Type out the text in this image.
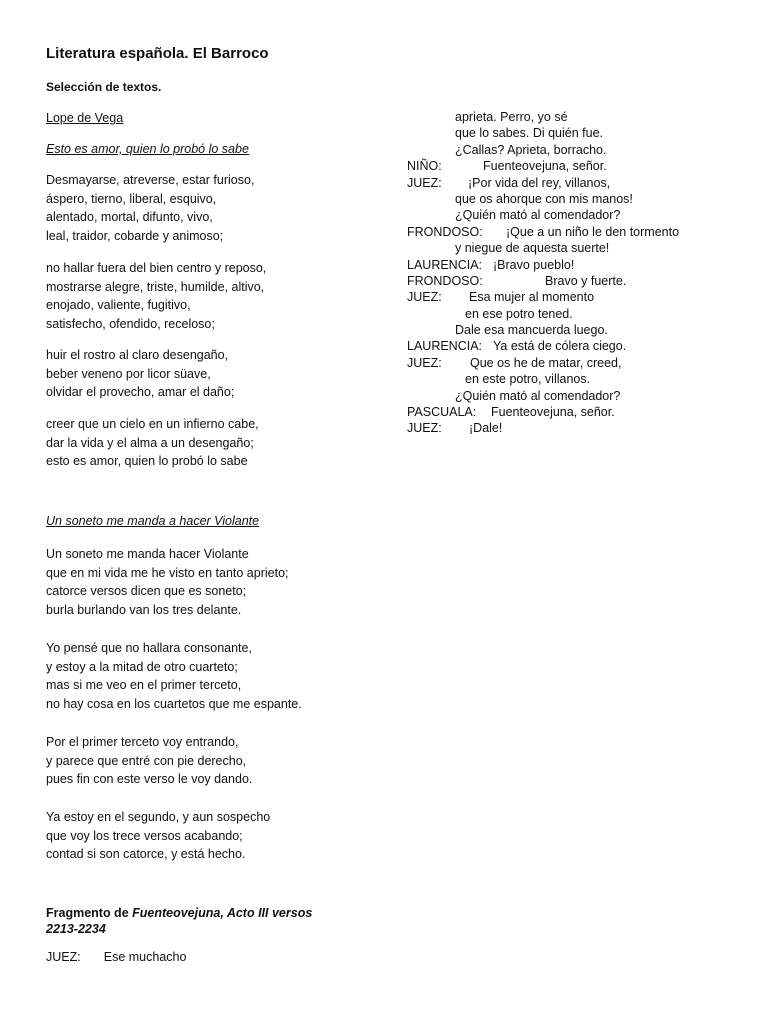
Literatura española. El Barroco
Selección de textos.
Lope de Vega
Esto es amor, quien lo probó lo sabe
Desmayarse, atreverse, estar furioso,
áspero, tierno, liberal, esquivo,
alentado, mortal, difunto, vivo,
leal, traidor, cobarde y animoso;
no hallar fuera del bien centro y reposo,
mostrarse alegre, triste, humilde, altivo,
enojado, valiente, fugitivo,
satisfecho, ofendido, receloso;
huir el rostro al claro desengaño,
beber veneno por licor süave,
olvidar el provecho, amar el daño;
creer que un cielo en un infierno cabe,
dar la vida y el alma a un desengaño;
esto es amor, quien lo probó lo sabe
Un soneto me manda a hacer Violante
Un soneto me manda hacer Violante
que en mi vida me he visto en tanto aprieto;
catorce versos dicen que es soneto;
burla burlando van los tres delante.
Yo pensé que no hallara consonante,
y estoy a la mitad de otro cuarteto;
mas si me veo en el primer terceto,
no hay cosa en los cuartetos que me espante.
Por el primer terceto voy entrando,
y parece que entré con pie derecho,
pues fin con este verso le voy dando.
Ya estoy en el segundo, y aun sospecho
que voy los trece versos acabando;
contad si son catorce, y está hecho.
Fragmento de Fuenteovejuna, Acto III versos
2213-2234
JUEZ: Ese muchacho
aprieta. Perro, yo sé
que lo sabes. Di quién fue.
¿Callas? Aprieta, borracho.
NIÑO:	Fuenteovejuna, señor.
JUEZ: ¡Por vida del rey, villanos,
que os ahorque con mis manos!
¿Quién mató al comendador?
FRONDOSO: ¡Que a un niño le den tormento
y niegue de aquesta suerte!
LAURENCIA: ¡Bravo pueblo!
FRONDOSO:	Bravo y fuerte.
JUEZ: Esa mujer al momento
en ese potro tened.
Dale esa mancuerda luego.
LAURENCIA: Ya está de cólera ciego.
JUEZ: Que os he de matar, creed,
en este potro, villanos.
¿Quién mató al comendador?
PASCUALA: Fuenteovejuna, señor.
JUEZ: ¡Dale!
